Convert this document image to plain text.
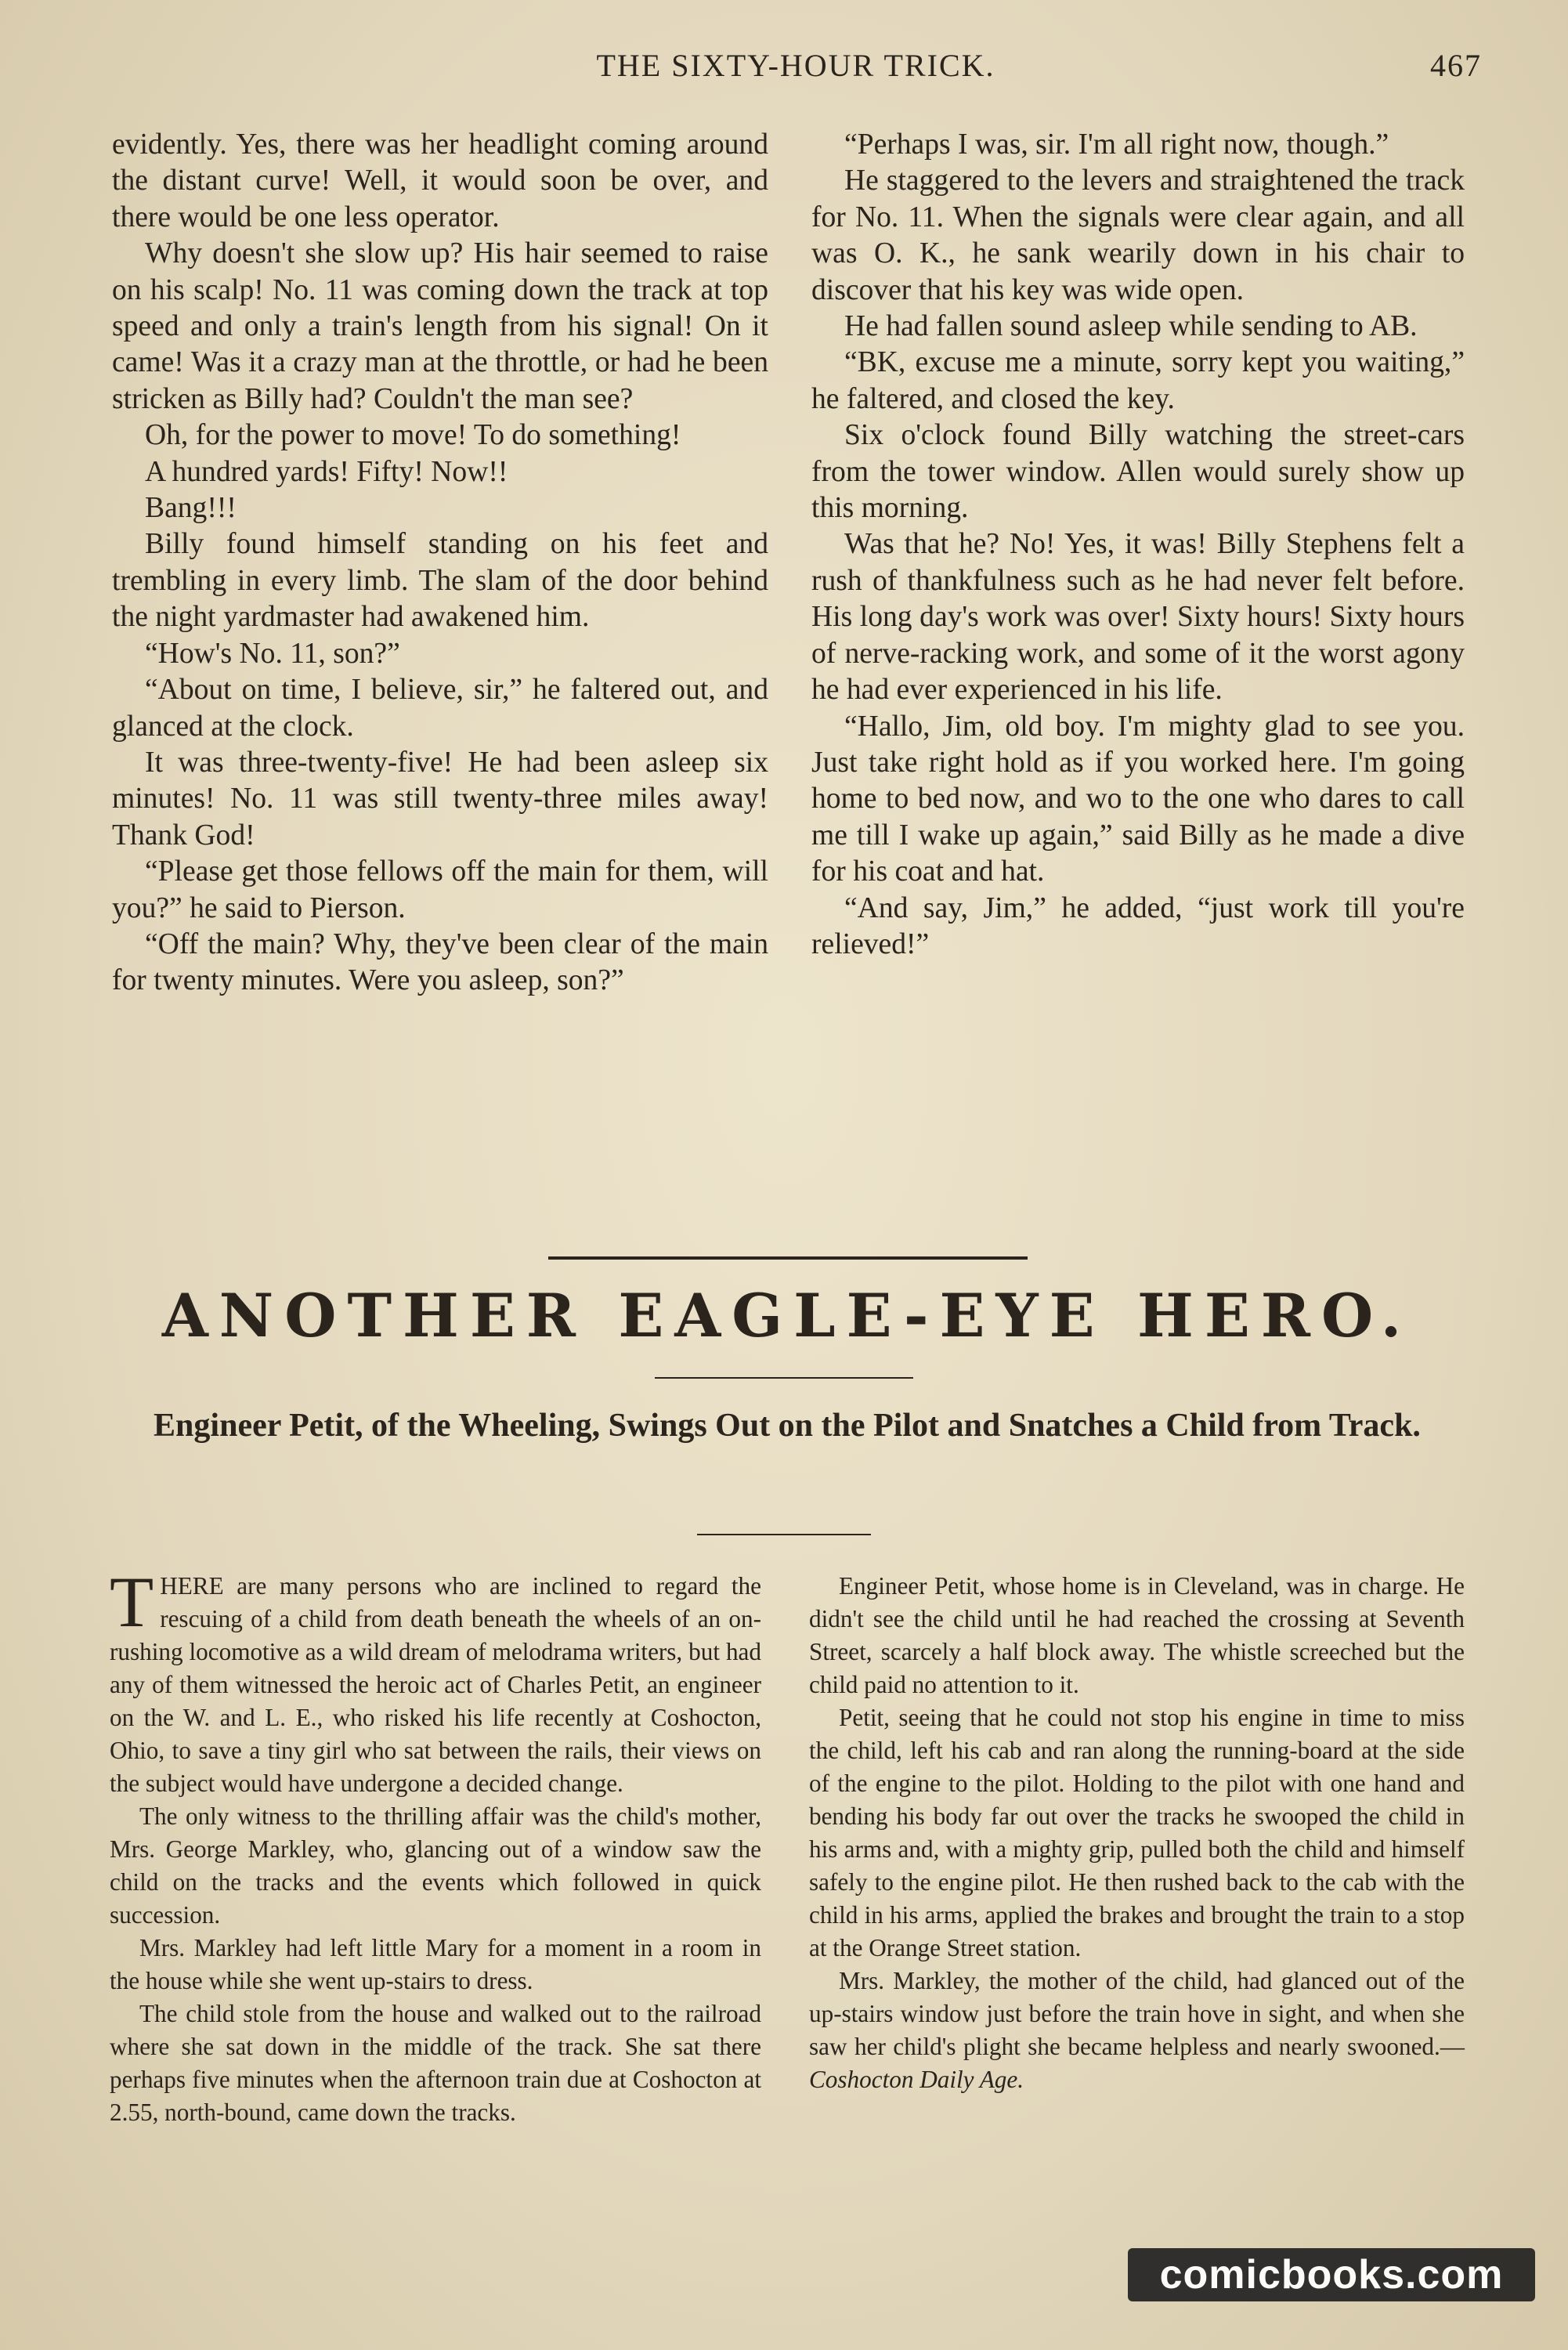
THE SIXTY-HOUR TRICK.	467

evidently. Yes, there was her headlight coming around the distant curve! Well, it would soon be over, and there would be one less operator.

Why doesn't she slow up? His hair seemed to raise on his scalp! No. 11 was coming down the track at top speed and only a train's length from his signal! On it came! Was it a crazy man at the throttle, or had he been stricken as Billy had? Couldn't the man see?

Oh, for the power to move! To do something!

A hundred yards! Fifty! Now!!

Bang!!!

Billy found himself standing on his feet and trembling in every limb. The slam of the door behind the night yardmaster had awakened him.

“How's No. 11, son?”

“About on time, I believe, sir,” he faltered out, and glanced at the clock.

It was three-twenty-five! He had been asleep six minutes! No. 11 was still twenty-three miles away! Thank God!

“Please get those fellows off the main for them, will you?” he said to Pierson.

“Off the main? Why, they've been clear of the main for twenty minutes. Were you asleep, son?”

“Perhaps I was, sir. I'm all right now, though.”

He staggered to the levers and straightened the track for No. 11. When the signals were clear again, and all was O. K., he sank wearily down in his chair to discover that his key was wide open.

He had fallen sound asleep while sending to AB.

“BK, excuse me a minute, sorry kept you waiting,” he faltered, and closed the key.

Six o'clock found Billy watching the street-cars from the tower window. Allen would surely show up this morning.

Was that he? No! Yes, it was! Billy Stephens felt a rush of thankfulness such as he had never felt before. His long day's work was over! Sixty hours! Sixty hours of nerve-racking work, and some of it the worst agony he had ever experienced in his life.

“Hallo, Jim, old boy. I'm mighty glad to see you. Just take right hold as if you worked here. I'm going home to bed now, and wo to the one who dares to call me till I wake up again,” said Billy as he made a dive for his coat and hat.

“And say, Jim,” he added, “just work till you're relieved!”

ANOTHER EAGLE-EYE HERO.
Engineer Petit, of the Wheeling, Swings Out on the Pilot and Snatches a Child from Track.

THERE are many persons who are inclined to regard the rescuing of a child from death beneath the wheels of an on-rushing locomotive as a wild dream of melodrama writers, but had any of them witnessed the heroic act of Charles Petit, an engineer on the W. and L. E., who risked his life recently at Coshocton, Ohio, to save a tiny girl who sat between the rails, their views on the subject would have undergone a decided change.

The only witness to the thrilling affair was the child's mother, Mrs. George Markley, who, glancing out of a window saw the child on the tracks and the events which followed in quick succession.

Mrs. Markley had left little Mary for a moment in a room in the house while she went up-stairs to dress.

The child stole from the house and walked out to the railroad where she sat down in the middle of the track. She sat there perhaps five minutes when the afternoon train due at Coshocton at 2.55, north-bound, came down the tracks.

Engineer Petit, whose home is in Cleveland, was in charge. He didn't see the child until he had reached the crossing at Seventh Street, scarcely a half block away. The whistle screeched but the child paid no attention to it.

Petit, seeing that he could not stop his engine in time to miss the child, left his cab and ran along the running-board at the side of the engine to the pilot. Holding to the pilot with one hand and bending his body far out over the tracks he swooped the child in his arms and, with a mighty grip, pulled both the child and himself safely to the engine pilot. He then rushed back to the cab with the child in his arms, applied the brakes and brought the train to a stop at the Orange Street station.

Mrs. Markley, the mother of the child, had glanced out of the up-stairs window just before the train hove in sight, and when she saw her child's plight she became helpless and nearly swooned.—Coshocton Daily Age.

comicbooks.com
